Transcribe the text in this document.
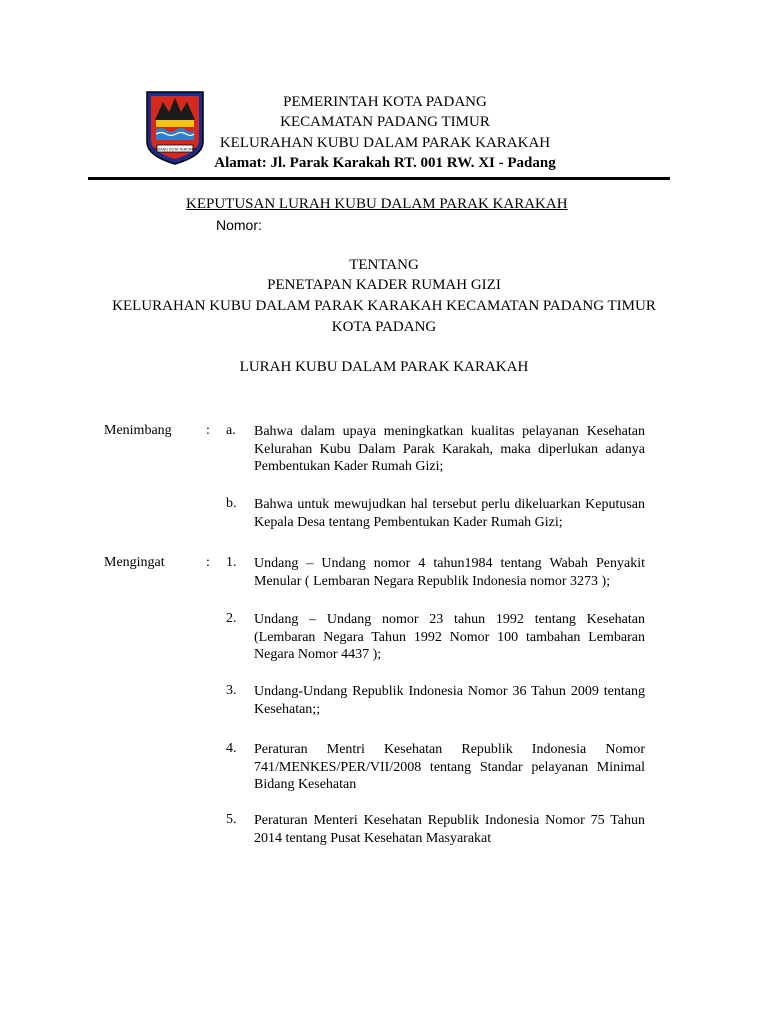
PADANG KOTA TERCINTA
PEMERINTAH KOTA PADANG
KECAMATAN PADANG TIMUR
KELURAHAN KUBU DALAM PARAK KARAKAH
Alamat: Jl. Parak Karakah RT. 001 RW. XI - Padang
KEPUTUSAN LURAH KUBU DALAM PARAK KARAKAH
Nomor:
TENTANG
PENETAPAN KADER RUMAH GIZI
KELURAHAN KUBU DALAM PARAK KARAKAH KECAMATAN PADANG TIMUR
KOTA PADANG
LURAH KUBU DALAM PARAK KARAKAH
Menimbang : a.	Bahwa dalam upaya meningkatkan kualitas pelayanan Kesehatan Kelurahan Kubu Dalam Parak Karakah, maka diperlukan adanya Pembentukan Kader Rumah Gizi;
b.	Bahwa untuk mewujudkan hal tersebut perlu dikeluarkan Keputusan Kepala Desa tentang Pembentukan Kader Rumah Gizi;
Mengingat	: 1.	Undang – Undang nomor 4 tahun1984 tentang Wabah Penyakit Menular ( Lembaran Negara Republik Indonesia nomor 3273 );
2.	Undang – Undang nomor 23 tahun 1992 tentang Kesehatan (Lembaran Negara Tahun 1992 Nomor 100 tambahan Lembaran Negara Nomor 4437 );
3.	Undang-Undang Republik Indonesia Nomor 36 Tahun 2009 tentang Kesehatan;;
4.	Peraturan Mentri Kesehatan Republik Indonesia Nomor 741/MENKES/PER/VII/2008 tentang Standar pelayanan Minimal Bidang Kesehatan
5.	Peraturan Menteri Kesehatan Republik Indonesia Nomor 75 Tahun 2014 tentang Pusat Kesehatan Masyarakat
